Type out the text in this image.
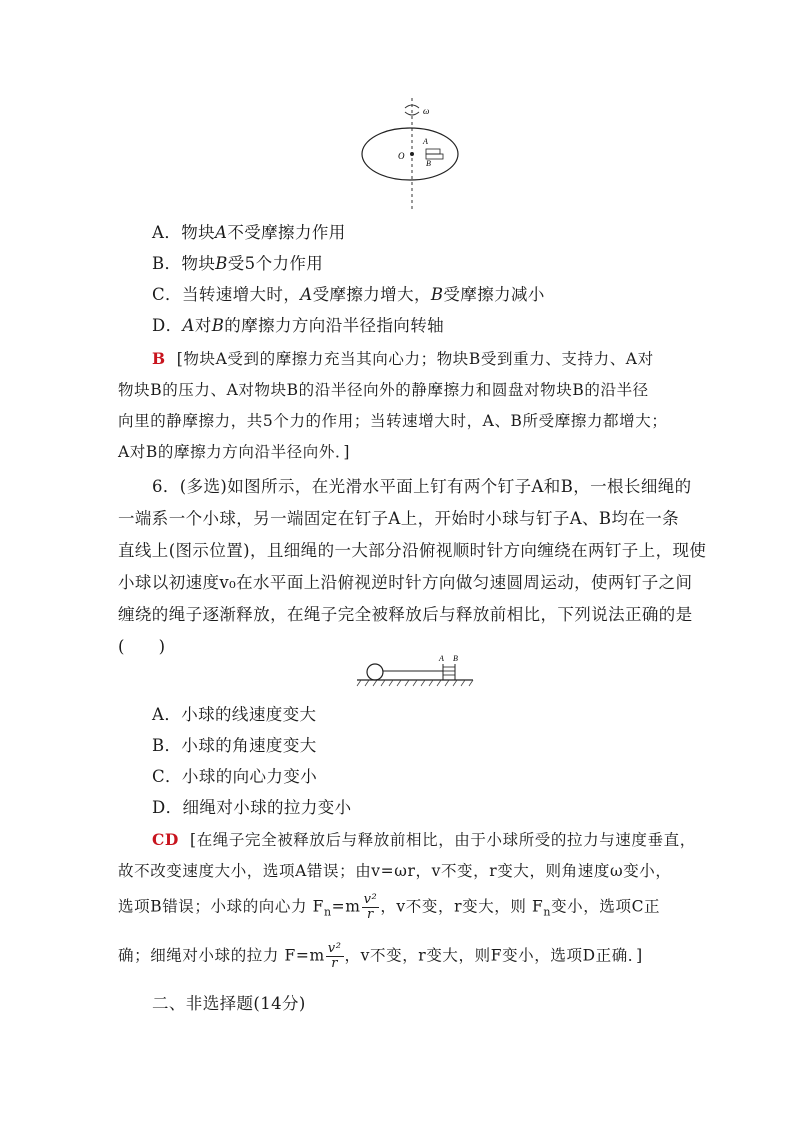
ω
O
A
B
A．物块A不受摩擦力作用
B．物块B受5个力作用
C．当转速增大时，A受摩擦力增大，B受摩擦力减小
D．A对B的摩擦力方向沿半径指向转轴
B [物块A受到的摩擦力充当其向心力；物块B受到重力、支持力、A对
物块B的压力、A对物块B的沿半径向外的静摩擦力和圆盘对物块B的沿半径
向里的静摩擦力，共5个力的作用；当转速增大时，A、B所受摩擦力都增大；
A对B的摩擦力方向沿半径向外．]
6．(多选)如图所示，在光滑水平面上钉有两个钉子A和B，一根长细绳的
一端系一个小球，另一端固定在钉子A上，开始时小球与钉子A、B均在一条
直线上(图示位置)，且细绳的一大部分沿俯视顺时针方向缠绕在两钉子上，现使
小球以初速度v₀在水平面上沿俯视逆时针方向做匀速圆周运动，使两钉子之间
缠绕的绳子逐渐释放，在绳子完全被释放后与释放前相比，下列说法正确的是
(　　)
A B
A．小球的线速度变大
B．小球的角速度变大
C．小球的向心力变小
D．细绳对小球的拉力变小
CD [在绳子完全被释放后与释放前相比，由于小球所受的拉力与速度垂直，
故不改变速度大小，选项A错误；由v=ωr，v不变，r变大，则角速度ω变小，
选项B错误；小球的向心力 $F_n=m \frac{\text{v²}}{r}$ ，v不变，r变大，则 $F_n$变小，选项C正
确；细绳对小球的拉力 $F=m \frac{\text{v²}}{r}$ ，v不变，r变大，则F变小，选项D正确．]
二、非选择题(14分)
